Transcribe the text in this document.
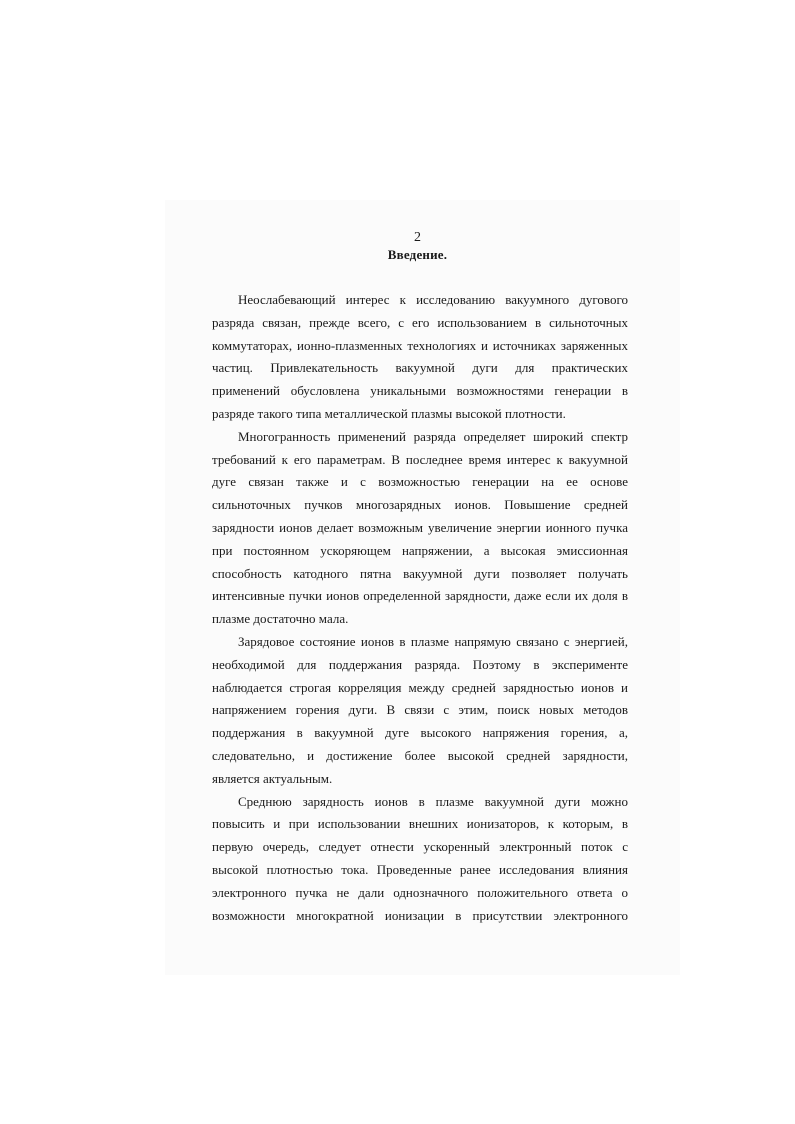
2
Введение.
Неослабевающий интерес к исследованию вакуумного дугового
разряда связан, прежде всего, с его использованием в сильноточных
коммутаторах, ионно-плазменных технологиях и источниках заряженных
частиц. Привлекательность вакуумной дуги для практических
применений обусловлена уникальными возможностями генерации в
разряде такого типа металлической плазмы высокой плотности.
Многогранность применений разряда определяет широкий спектр
требований к его параметрам. В последнее время интерес к вакуумной
дуге связан также и с возможностью генерации на ее основе
сильноточных пучков многозарядных ионов. Повышение средней
зарядности ионов делает возможным увеличение энергии ионного пучка
при постоянном ускоряющем напряжении, а высокая эмиссионная
способность катодного пятна вакуумной дуги позволяет получать
интенсивные пучки ионов определенной зарядности, даже если их доля в
плазме достаточно мала.
Зарядовое состояние ионов в плазме напрямую связано с энергией,
необходимой для поддержания разряда. Поэтому в эксперименте
наблюдается строгая корреляция между средней зарядностью ионов и
напряжением горения дуги. В связи с этим, поиск новых методов
поддержания в вакуумной дуге высокого напряжения горения, а,
следовательно, и достижение более высокой средней зарядности,
является актуальным.
Среднюю зарядность ионов в плазме вакуумной дуги можно
повысить и при использовании внешних ионизаторов, к которым, в
первую очередь, следует отнести ускоренный электронный поток с
высокой плотностью тока. Проведенные ранее исследования влияния
электронного пучка не дали однозначного положительного ответа о
возможности многократной ионизации в присутствии электронного
